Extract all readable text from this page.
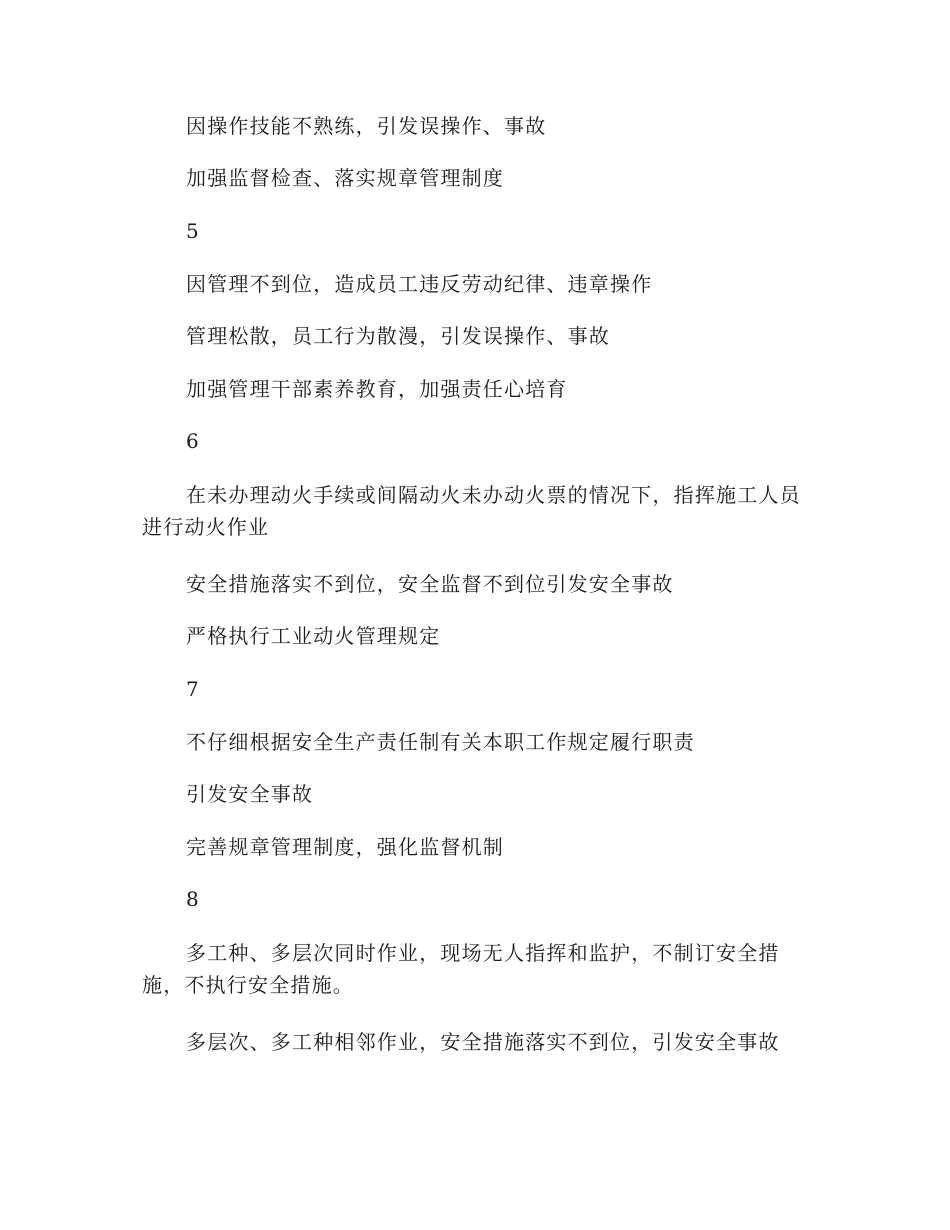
因操作技能不熟练，引发误操作、事故

加强监督检查、落实规章管理制度

5

因管理不到位，造成员工违反劳动纪律、违章操作

管理松散，员工行为散漫，引发误操作、事故

加强管理干部素养教育，加强责任心培育

6

在未办理动火手续或间隔动火未办动火票的情况下，指挥施工人员进行动火作业

安全措施落实不到位，安全监督不到位引发安全事故

严格执行工业动火管理规定

7

不仔细根据安全生产责任制有关本职工作规定履行职责

引发安全事故

完善规章管理制度，强化监督机制

8

多工种、多层次同时作业，现场无人指挥和监护，不制订安全措施，不执行安全措施。

多层次、多工种相邻作业，安全措施落实不到位，引发安全事故
